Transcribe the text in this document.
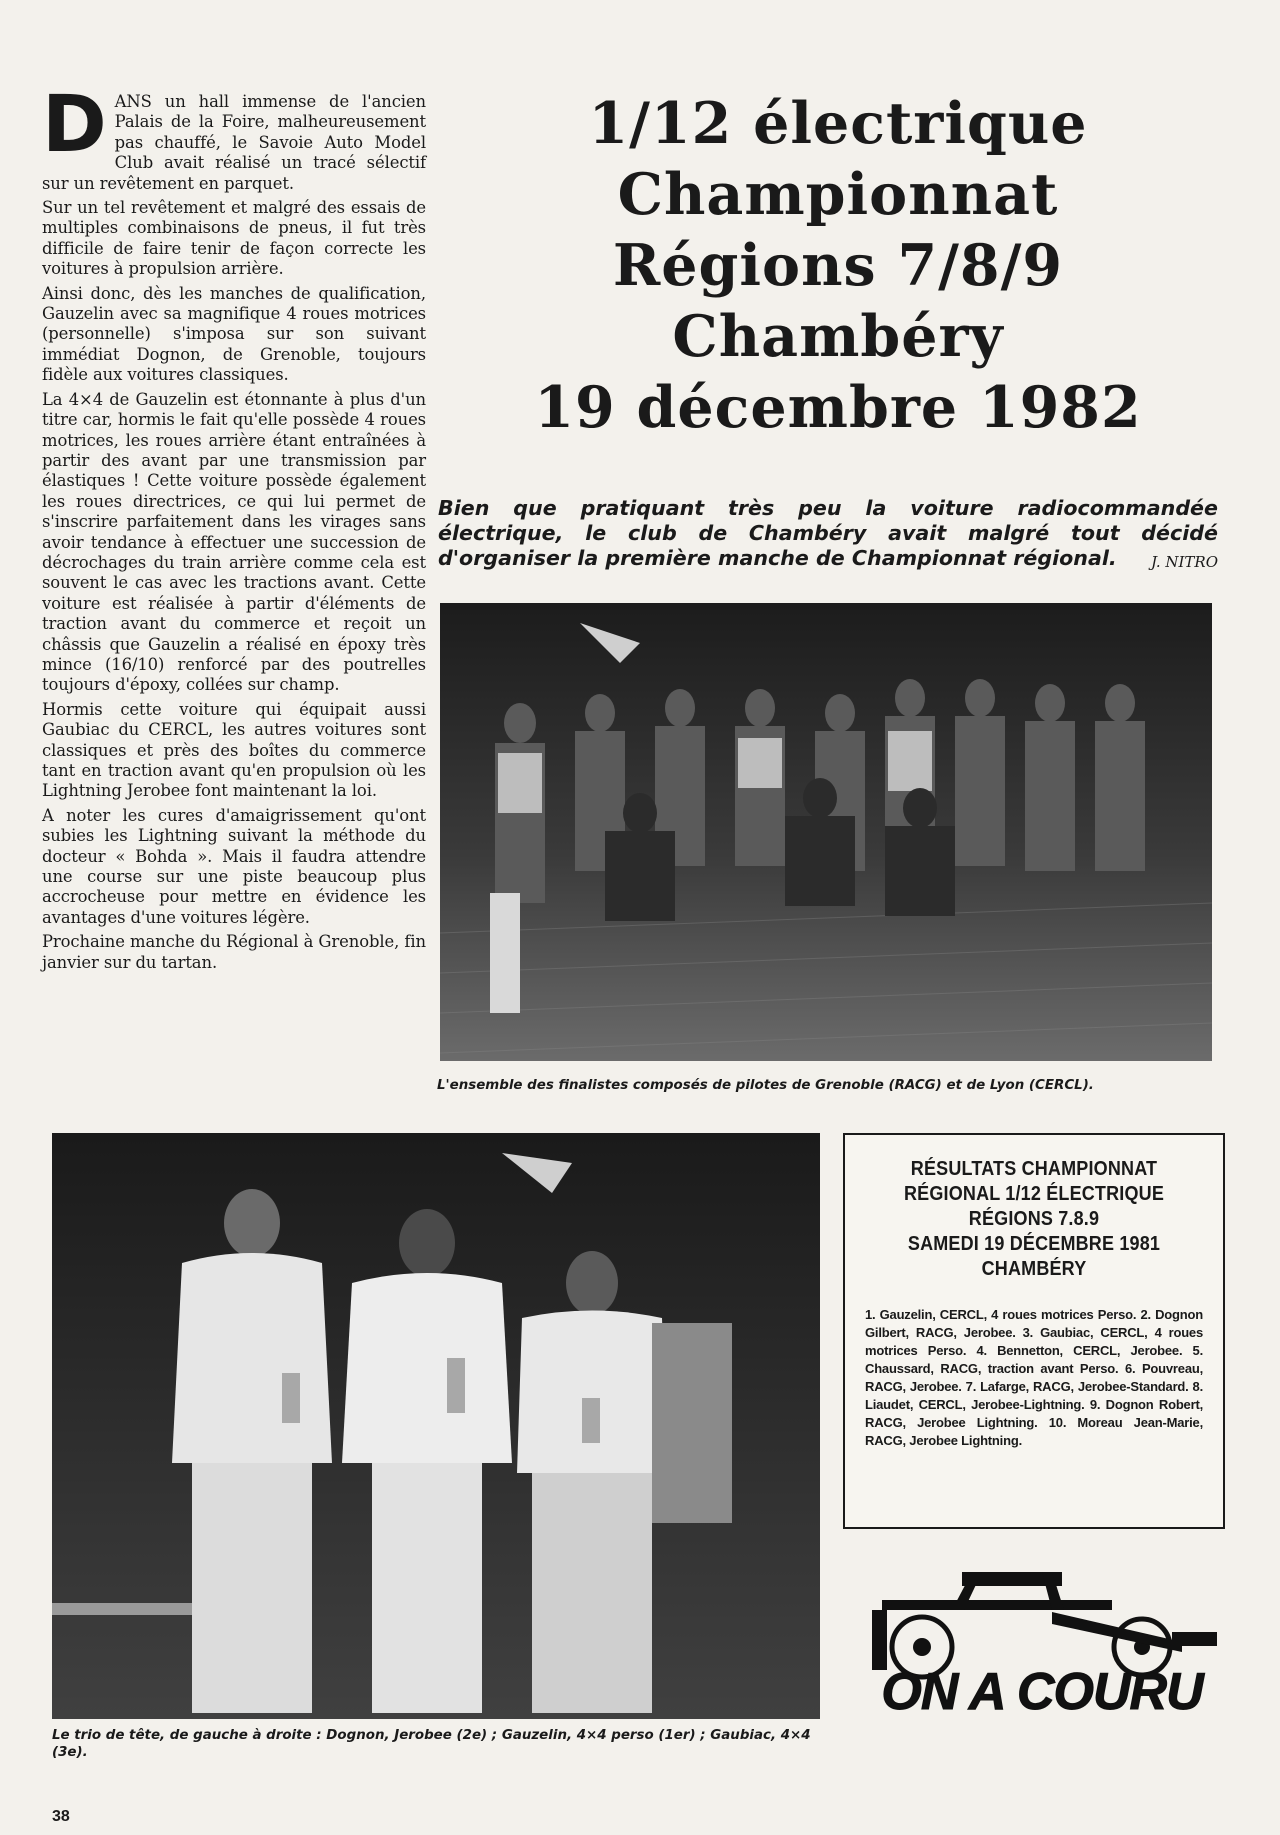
DANS un hall immense de l'ancien Palais de la Foire, malheureusement pas chauffé, le Savoie Auto Model Club avait réalisé un tracé sélectif sur un revêtement en parquet.

Sur un tel revêtement et malgré des essais de multiples combinaisons de pneus, il fut très difficile de faire tenir de façon correcte les voitures à propulsion arrière.

Ainsi donc, dès les manches de qualification, Gauzelin avec sa magnifique 4 roues motrices (personnelle) s'imposa sur son suivant immédiat Dognon, de Grenoble, toujours fidèle aux voitures classiques.

La 4×4 de Gauzelin est étonnante à plus d'un titre car, hormis le fait qu'elle possède 4 roues motrices, les roues arrière étant entraînées à partir des avant par une transmission par élastiques ! Cette voiture possède également les roues directrices, ce qui lui permet de s'inscrire parfaitement dans les virages sans avoir tendance à effectuer une succession de décrochages du train arrière comme cela est souvent le cas avec les tractions avant. Cette voiture est réalisée à partir d'éléments de traction avant du commerce et reçoit un châssis que Gauzelin a réalisé en époxy très mince (16/10) renforcé par des poutrelles toujours d'époxy, collées sur champ.

Hormis cette voiture qui équipait aussi Gaubiac du CERCL, les autres voitures sont classiques et près des boîtes du commerce tant en traction avant qu'en propulsion où les Lightning Jerobee font maintenant la loi.

A noter les cures d'amaigrissement qu'ont subies les Lightning suivant la méthode du docteur « Bohda ». Mais il faudra attendre une course sur une piste beaucoup plus accrocheuse pour mettre en évidence les avantages d'une voitures légère.

Prochaine manche du Régional à Grenoble, fin janvier sur du tartan.

1/12 électrique
Championnat
Régions 7/8/9
Chambéry
19 décembre 1982
Bien que pratiquant très peu la voiture radiocommandée électrique, le club de Chambéry avait malgré tout décidé d'organiser la première manche de Championnat régional. J. NITRO
L'ensemble des finalistes composés de pilotes de Grenoble (RACG) et de Lyon (CERCL).
Le trio de tête, de gauche à droite : Dognon, Jerobee (2e) ; Gauzelin, 4×4 perso (1er) ; Gaubiac, 4×4 (3e).
RÉSULTATS CHAMPIONNAT
RÉGIONAL 1/12 ÉLECTRIQUE
RÉGIONS 7.8.9
SAMEDI 19 DÉCEMBRE 1981
CHAMBÉRY
1. Gauzelin, CERCL, 4 roues motrices Perso. 2. Dognon Gilbert, RACG, Jerobee. 3. Gaubiac, CERCL, 4 roues motrices Perso. 4. Bennetton, CERCL, Jerobee. 5. Chaussard, RACG, traction avant Perso. 6. Pouvreau, RACG, Jerobee. 7. Lafarge, RACG, Jerobee-Standard. 8. Liaudet, CERCL, Jerobee-Lightning. 9. Dognon Robert, RACG, Jerobee Lightning. 10. Moreau Jean-Marie, RACG, Jerobee Lightning.
ON A COURU
38
